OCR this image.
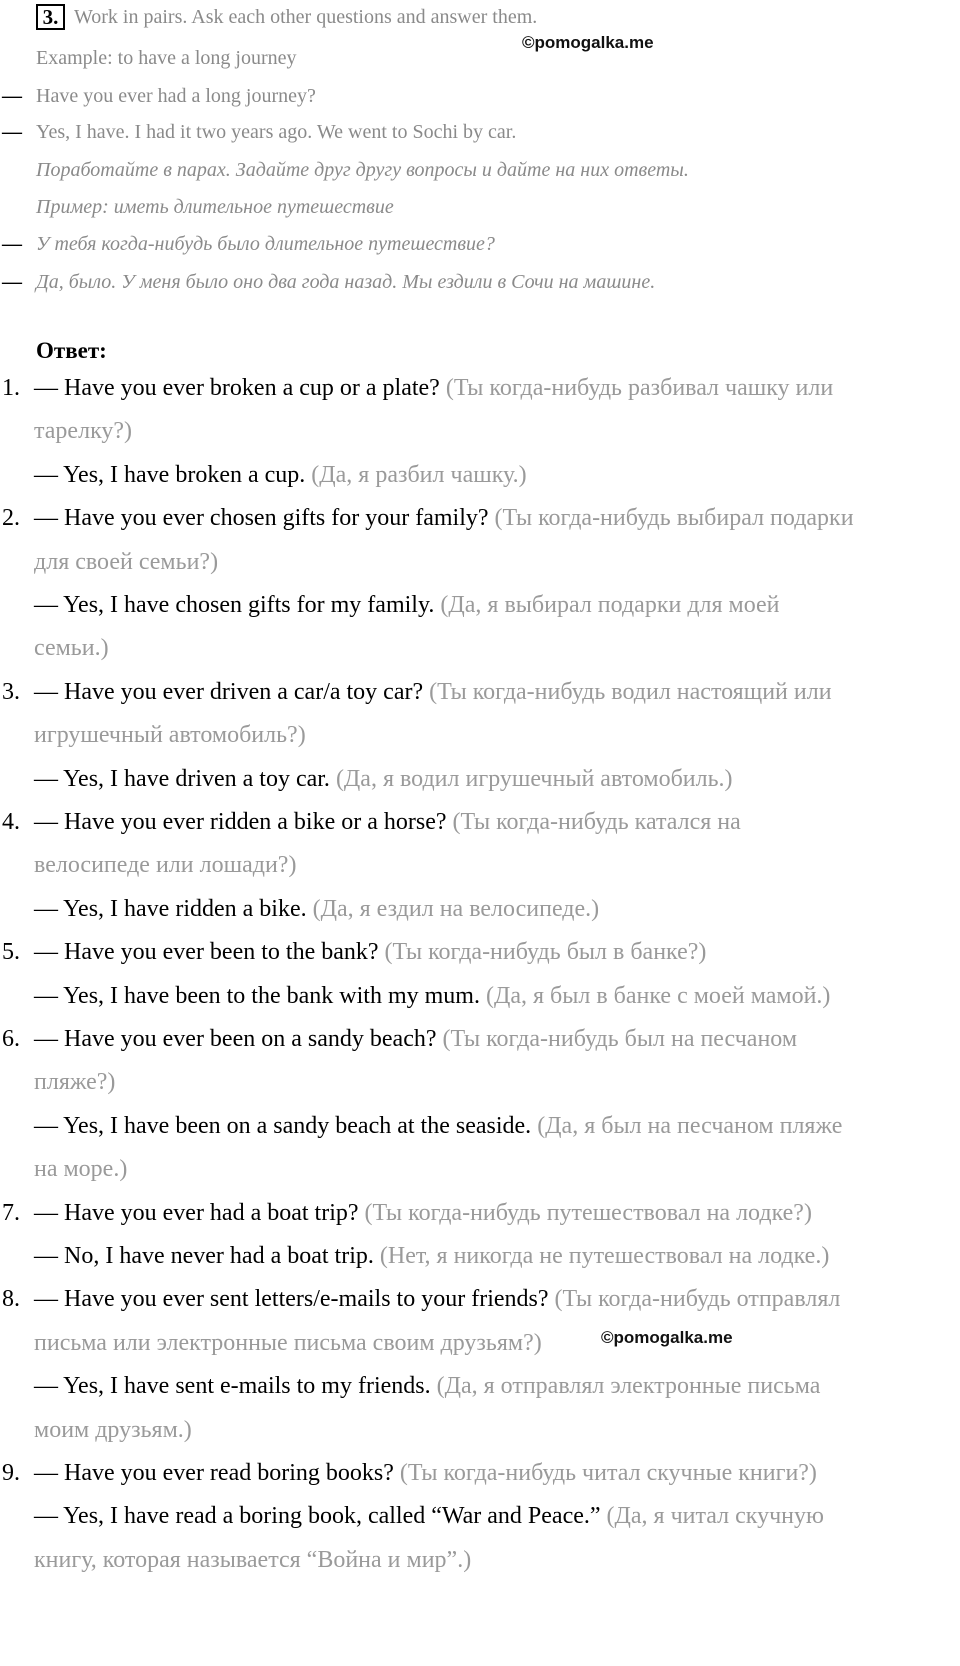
3. Work in pairs. Ask each other questions and answer them.
Example: to have a long journey
— Have you ever had a long journey?
— Yes, I have. I had it two years ago. We went to Sochi by car.
Поработайте в парах. Задайте друг другу вопросы и дайте на них ответы.
Пример: иметь длительное путешествие
— У тебя когда-нибудь было длительное путешествие?
— Да, было. У меня было оно два года назад. Мы ездили в Сочи на машине.
©pomogalka.me
©pomogalka.me
Ответ:
1. — Have you ever broken a cup or a plate? (Ты когда-нибудь разбивал чашку или
тарелку?)
— Yes, I have broken a cup. (Да, я разбил чашку.)
2. — Have you ever chosen gifts for your family? (Ты когда-нибудь выбирал подарки
для своей семьи?)
— Yes, I have chosen gifts for my family. (Да, я выбирал подарки для моей
семьи.)
3. — Have you ever driven a car/a toy car? (Ты когда-нибудь водил настоящий или
игрушечный автомобиль?)
— Yes, I have driven a toy car. (Да, я водил игрушечный автомобиль.)
4. — Have you ever ridden a bike or a horse? (Ты когда-нибудь катался на
велосипеде или лошади?)
— Yes, I have ridden a bike. (Да, я ездил на велосипеде.)
5. — Have you ever been to the bank? (Ты когда-нибудь был в банке?)
— Yes, I have been to the bank with my mum. (Да, я был в банке с моей мамой.)
6. — Have you ever been on a sandy beach? (Ты когда-нибудь был на песчаном
пляже?)
— Yes, I have been on a sandy beach at the seaside. (Да, я был на песчаном пляже
на море.)
7. — Have you ever had a boat trip? (Ты когда-нибудь путешествовал на лодке?)
— No, I have never had a boat trip. (Нет, я никогда не путешествовал на лодке.)
8. — Have you ever sent letters/e-mails to your friends? (Ты когда-нибудь отправлял
письма или электронные письма своим друзьям?)
— Yes, I have sent e-mails to my friends. (Да, я отправлял электронные письма
моим друзьям.)
9. — Have you ever read boring books? (Ты когда-нибудь читал скучные книги?)
— Yes, I have read a boring book, called “War and Peace.” (Да, я читал скучную
книгу, которая называется “Война и мир”.)
